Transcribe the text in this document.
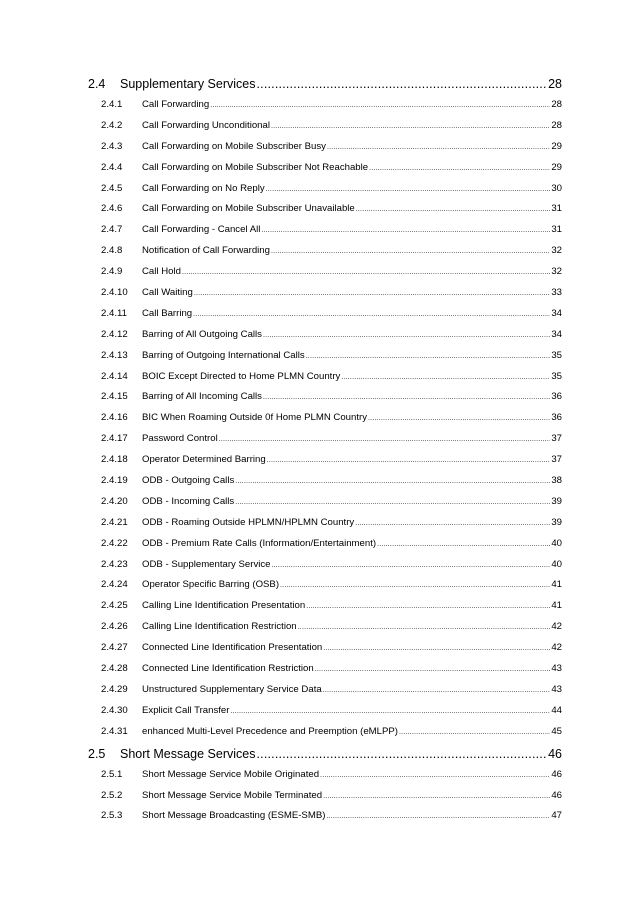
2.4	Supplementary Services .....	28
2.4.1	Call Forwarding .....	28
2.4.2	Call Forwarding Unconditional .....	28
2.4.3	Call Forwarding on Mobile Subscriber Busy .....	29
2.4.4	Call Forwarding on Mobile Subscriber Not Reachable .....	29
2.4.5	Call Forwarding on No Reply .....	30
2.4.6	Call Forwarding on Mobile Subscriber Unavailable .....	31
2.4.7	Call Forwarding - Cancel All .....	31
2.4.8	Notification of Call Forwarding .....	32
2.4.9	Call Hold .....	32
2.4.10	Call Waiting .....	33
2.4.11	Call Barring .....	34
2.4.12	Barring of All Outgoing Calls .....	34
2.4.13	Barring of Outgoing International Calls .....	35
2.4.14	BOIC Except Directed to Home PLMN Country .....	35
2.4.15	Barring of All Incoming Calls .....	36
2.4.16	BIC When Roaming Outside 0f Home PLMN Country .....	36
2.4.17	Password Control .....	37
2.4.18	Operator Determined Barring .....	37
2.4.19	ODB - Outgoing Calls .....	38
2.4.20	ODB - Incoming Calls .....	39
2.4.21	ODB - Roaming Outside HPLMN/HPLMN Country .....	39
2.4.22	ODB - Premium Rate Calls (Information/Entertainment) .....	40
2.4.23	ODB - Supplementary Service .....	40
2.4.24	Operator Specific Barring (OSB) .....	41
2.4.25	Calling Line Identification Presentation .....	41
2.4.26	Calling Line Identification Restriction .....	42
2.4.27	Connected Line Identification Presentation .....	42
2.4.28	Connected Line Identification Restriction .....	43
2.4.29	Unstructured Supplementary Service Data .....	43
2.4.30	Explicit Call Transfer .....	44
2.4.31	enhanced Multi-Level Precedence and Preemption (eMLPP) .....	45
2.5	Short Message Services .....	46
2.5.1	Short Message Service Mobile Originated .....	46
2.5.2	Short Message Service Mobile Terminated .....	46
2.5.3	Short Message Broadcasting (ESME-SMB) .....	47
